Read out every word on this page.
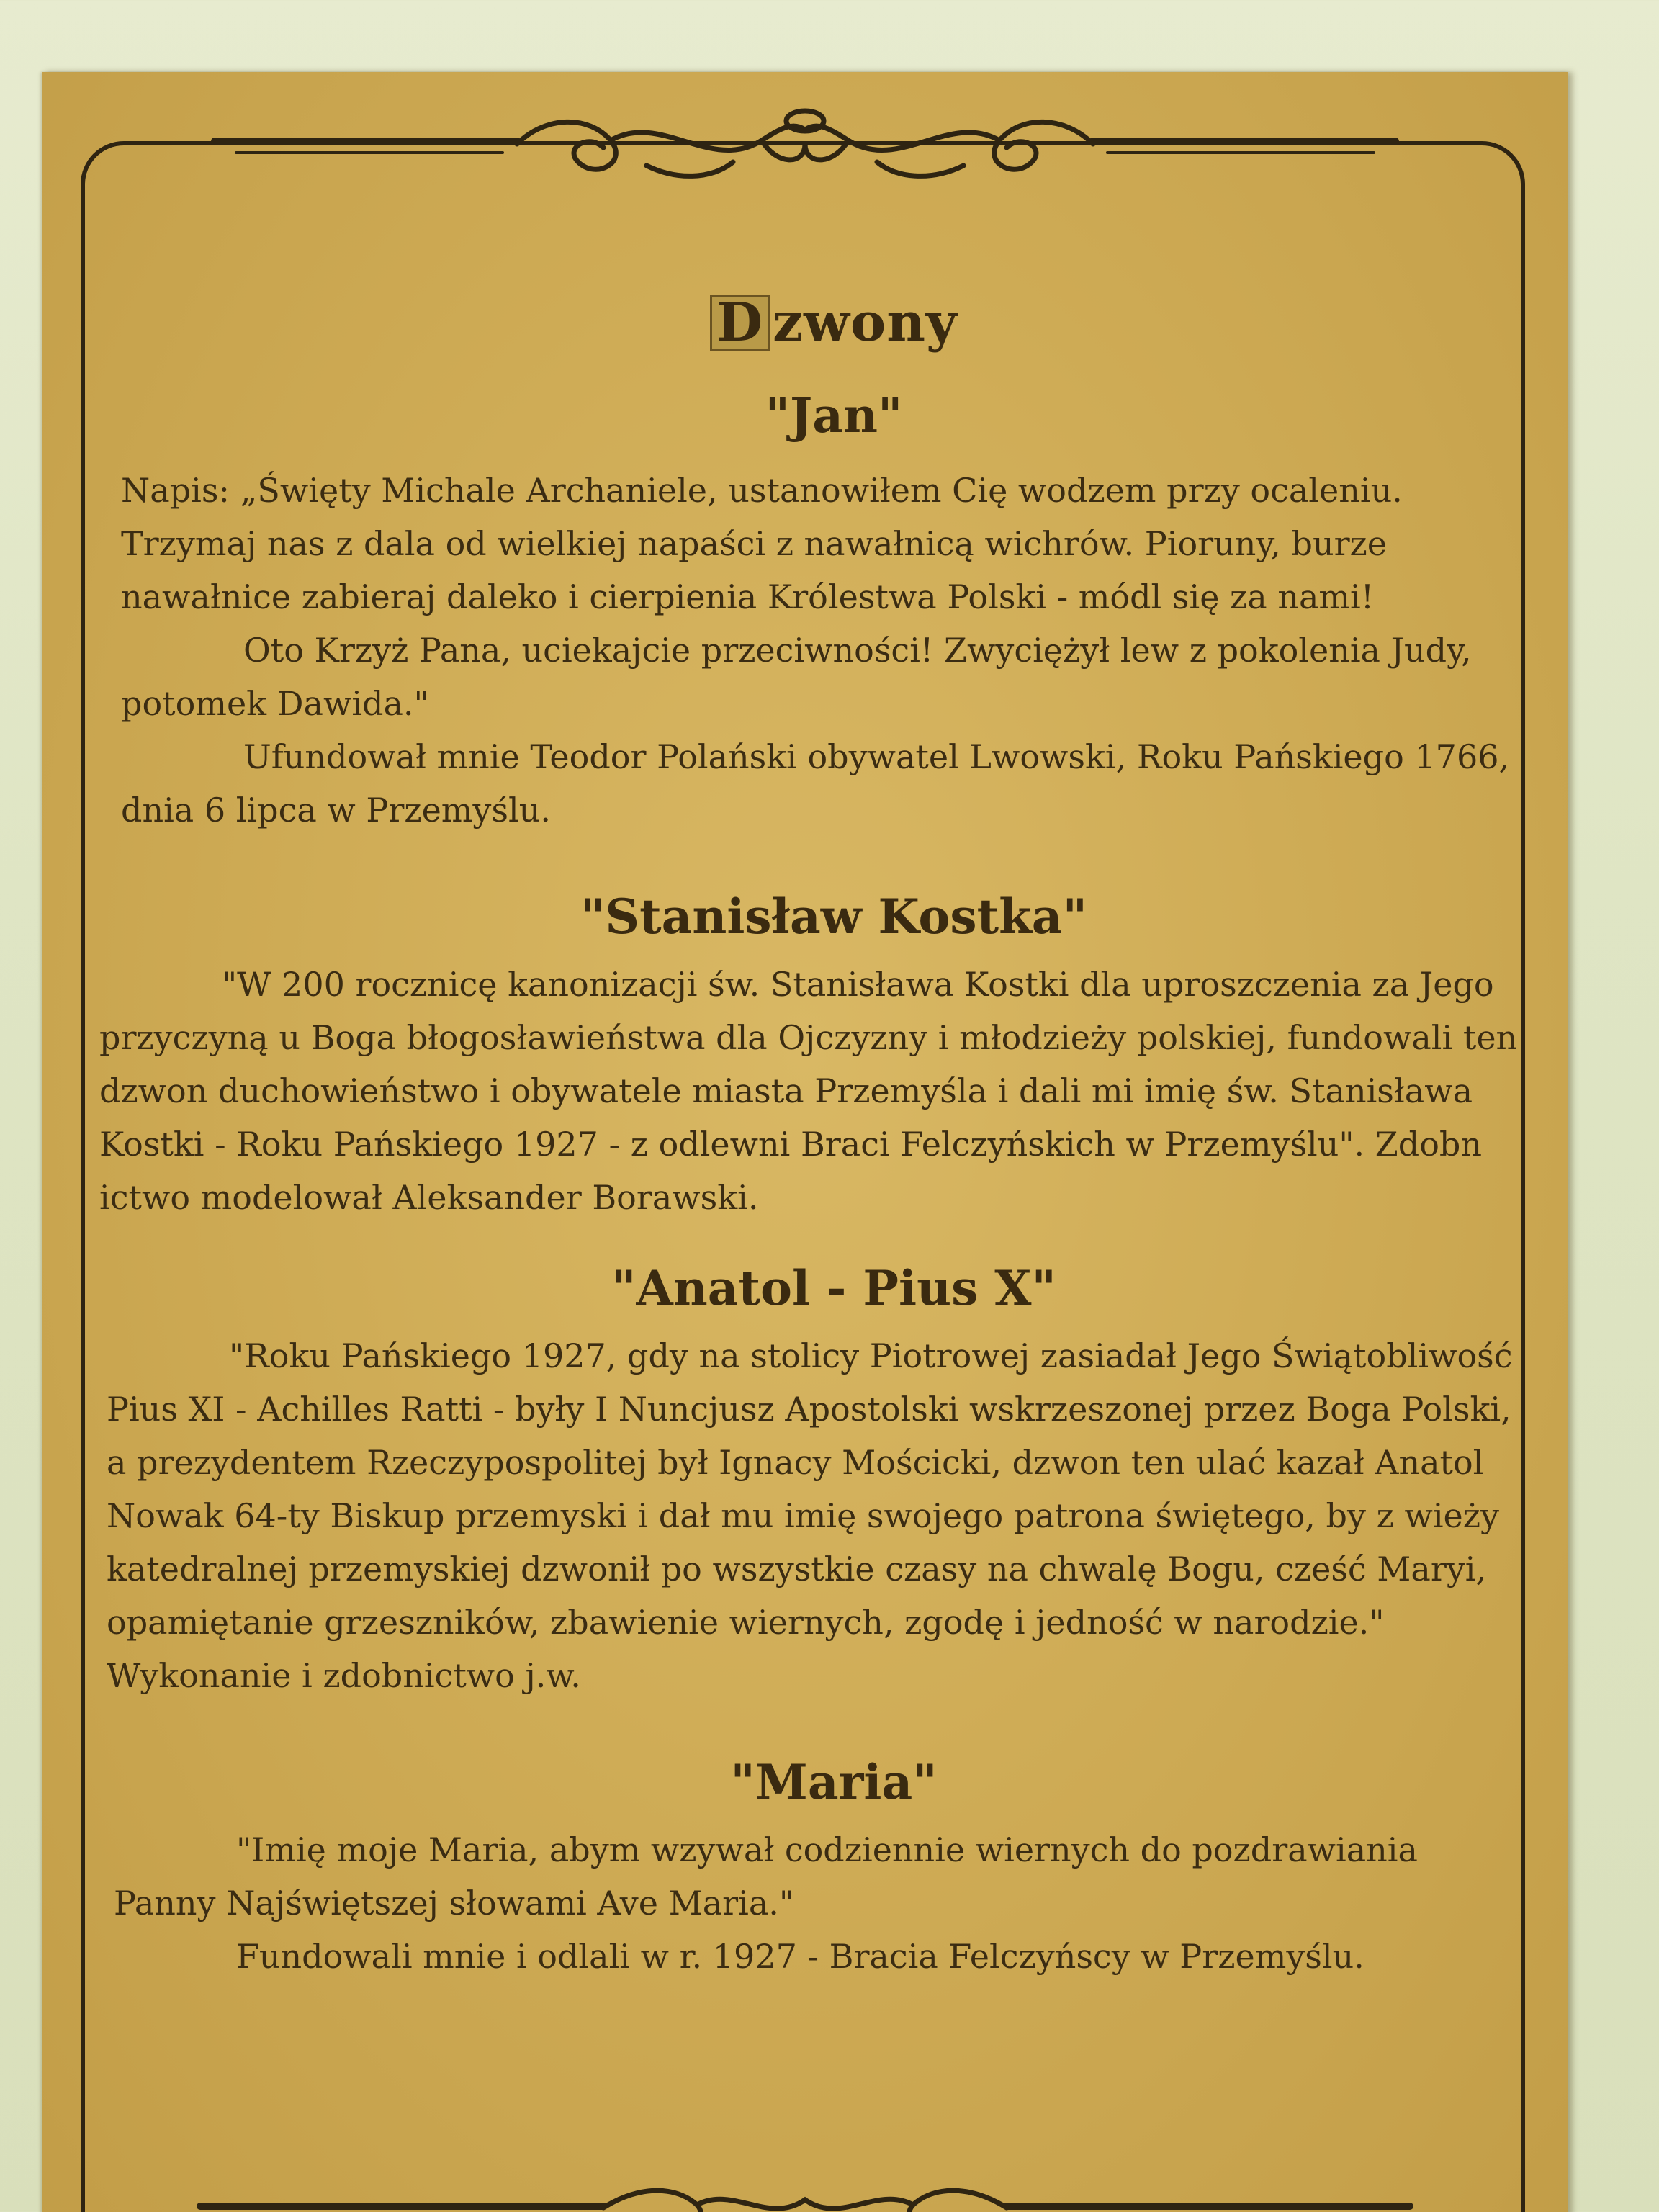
D zwony
"Jan"

Napis: „Święty Michale Archaniele, ustanowiłem Cię wodzem przy ocaleniu. Trzymaj nas z dala od wielkiej napaści z nawałnicą wichrów. Pioruny, burze nawałnice zabieraj daleko i cierpienia Królestwa Polski - módl się za nami!

Oto Krzyż Pana, uciekajcie przeciwności! Zwyciężył lew z pokolenia Judy, potomek Dawida."

Ufundował mnie Teodor Polański obywatel Lwowski, Roku Pańskiego 1766, dnia 6 lipca w Przemyślu.

"Stanisław Kostka"

"W 200 rocznicę kanonizacji św. Stanisława Kostki dla uproszczenia za Jego przyczyną u Boga błogosławieństwa dla Ojczyzny i młodzieży polskiej, fundowali ten dzwon duchowieństwo i obywatele miasta Przemyśla i dali mi imię św. Stanisława Kostki - Roku Pańskiego 1927 - z odlewni Braci Felczyńskich w Przemyślu". Zdobn ictwo modelował Aleksander Borawski.

"Anatol - Pius X"

"Roku Pańskiego 1927, gdy na stolicy Piotrowej zasiadał Jego Świątobliwość Pius XI - Achilles Ratti - były I Nuncjusz Apostolski wskrzeszonej przez Boga Polski, a prezydentem Rzeczypospolitej był Ignacy Mościcki, dzwon ten ulać kazał Anatol Nowak 64-ty Biskup przemyski i dał mu imię swojego patrona świętego, by z wieży katedralnej przemyskiej dzwonił po wszystkie czasy na chwalę Bogu, cześć Maryi, opamiętanie grzeszników, zbawienie wiernych, zgodę i jedność w narodzie."

Wykonanie i zdobnictwo j.w.

"Maria"

"Imię moje Maria, abym wzywał codziennie wiernych do pozdrawiania Panny Najświętszej słowami Ave Maria."

Fundowali mnie i odlali w r. 1927 - Bracia Felczyńscy w Przemyślu.
